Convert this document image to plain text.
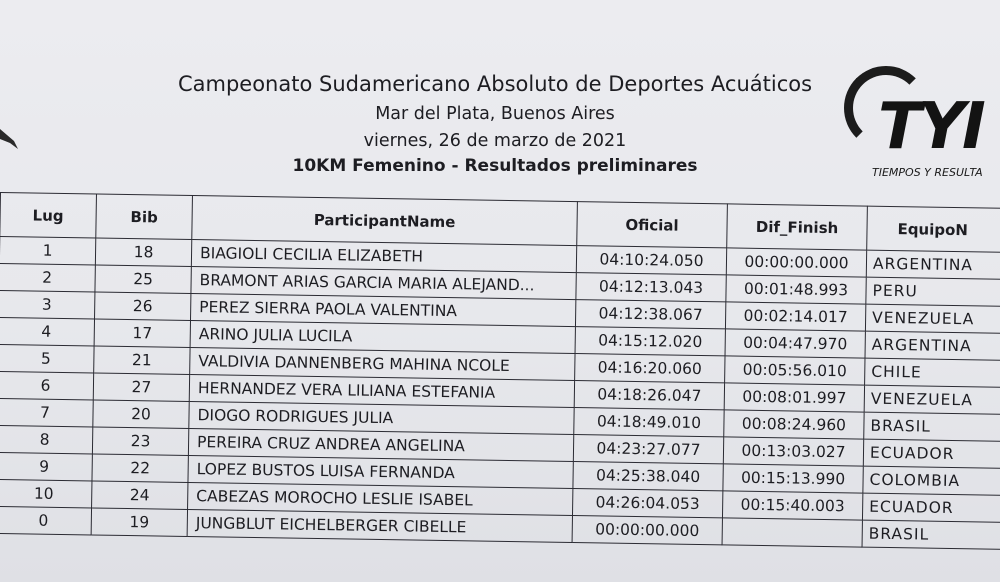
Campeonato Sudamericano Absoluto de Deportes Acuáticos
Mar del Plata, Buenos Aires
viernes, 26 de marzo de 2021
10KM Femenino - Resultados preliminares
TYI
TIEMPOS Y RESULTA
Lug	Bib	ParticipantName	Oficial	Dif_Finish	EquipoN
1	18	BIAGIOLI CECILIA ELIZABETH	04:10:24.050	00:00:00.000	ARGENTINA
2	25	BRAMONT ARIAS GARCIA MARIA ALEJAND...	04:12:13.043	00:01:48.993	PERU
3	26	PEREZ SIERRA PAOLA VALENTINA	04:12:38.067	00:02:14.017	VENEZUELA
4	17	ARINO JULIA LUCILA	04:15:12.020	00:04:47.970	ARGENTINA
5	21	VALDIVIA DANNENBERG MAHINA NCOLE	04:16:20.060	00:05:56.010	CHILE
6	27	HERNANDEZ VERA LILIANA ESTEFANIA	04:18:26.047	00:08:01.997	VENEZUELA
7	20	DIOGO RODRIGUES JULIA	04:18:49.010	00:08:24.960	BRASIL
8	23	PEREIRA CRUZ ANDREA ANGELINA	04:23:27.077	00:13:03.027	ECUADOR
9	22	LOPEZ BUSTOS LUISA FERNANDA	04:25:38.040	00:15:13.990	COLOMBIA
10	24	CABEZAS MOROCHO LESLIE ISABEL	04:26:04.053	00:15:40.003	ECUADOR
0	19	JUNGBLUT EICHELBERGER CIBELLE	00:00:00.000		BRASIL
